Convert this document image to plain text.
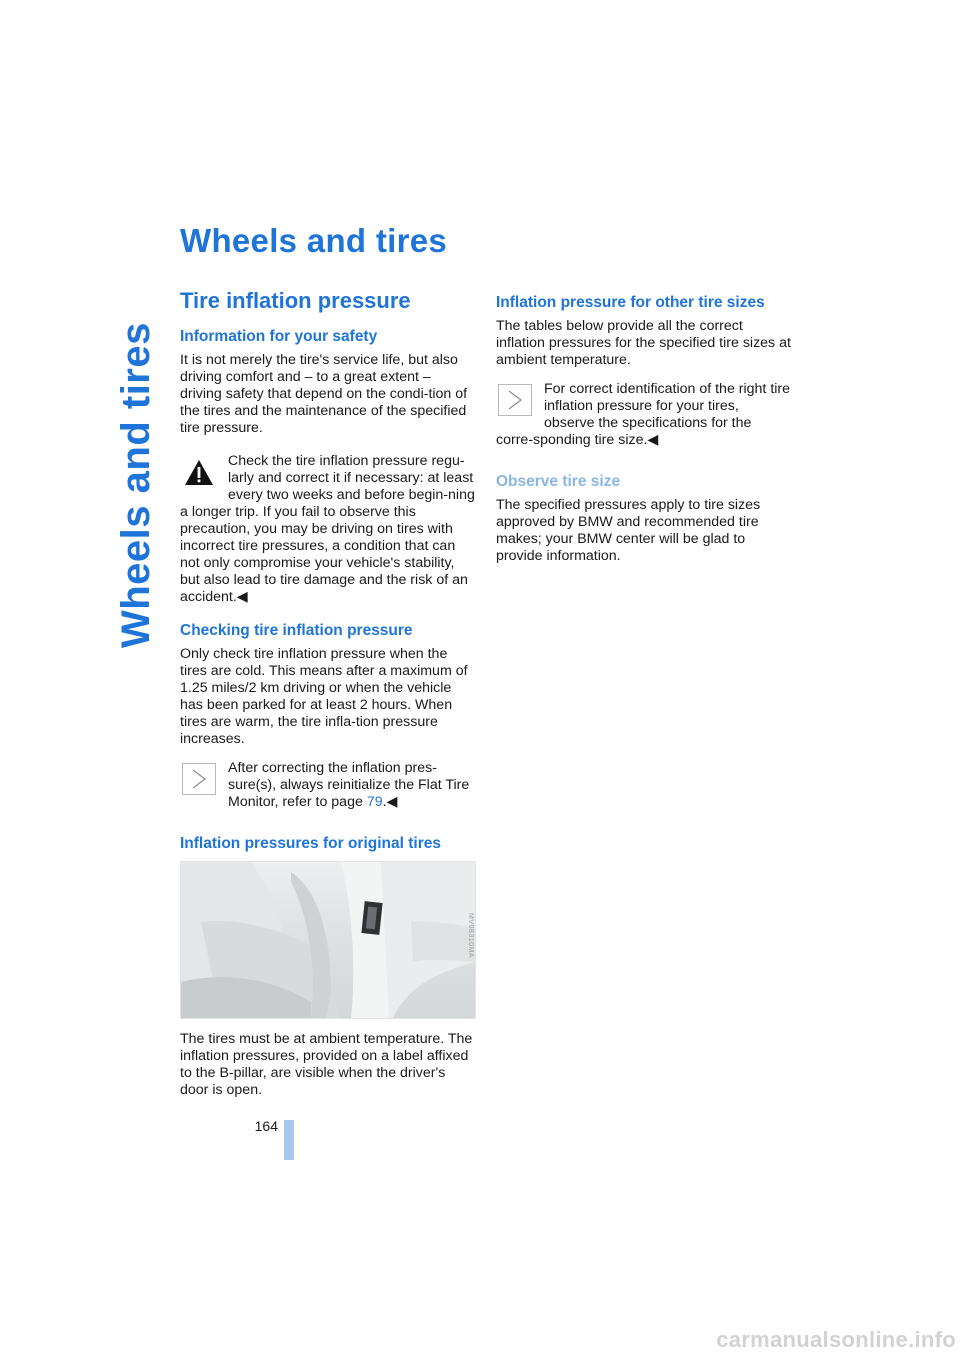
Wheels and tires
Wheels and tires
Tire inflation pressure
Information for your safety

It is not merely the tire's service life, but also driving comfort and – to a great extent – driving safety that depend on the condi-tion of the tires and the maintenance of the specified tire pressure.

Check the tire inflation pressure regu-larly and correct it if necessary: at least every two weeks and before begin-ning a longer trip. If you fail to observe this precaution, you may be driving on tires with incorrect tire pressures, a condition that can not only compromise your vehicle's stability, but also lead to tire damage and the risk of an accident.◀

Checking tire inflation pressure

Only check tire inflation pressure when the tires are cold. This means after a maximum of 1.25 miles/2 km driving or when the vehicle has been parked for at least 2 hours. When tires are warm, the tire infla-tion pressure increases.

After correcting the inflation pres-sure(s), always reinitialize the Flat Tire Monitor, refer to page 79.◀

Inflation pressures for original tires
MV08310MA

The tires must be at ambient temperature. The inflation pressures, provided on a label affixed to the B-pillar, are visible when the driver's door is open.

Inflation pressure for other tire sizes

The tables below provide all the correct inflation pressures for the specified tire sizes at ambient temperature.

For correct identification of the right tire inflation pressure for your tires, observe the specifications for the corre-sponding tire size.◀

Observe tire size

The specified pressures apply to tire sizes approved by BMW and recommended tire makes; your BMW center will be glad to provide information.

164
carmanualsonline.info
